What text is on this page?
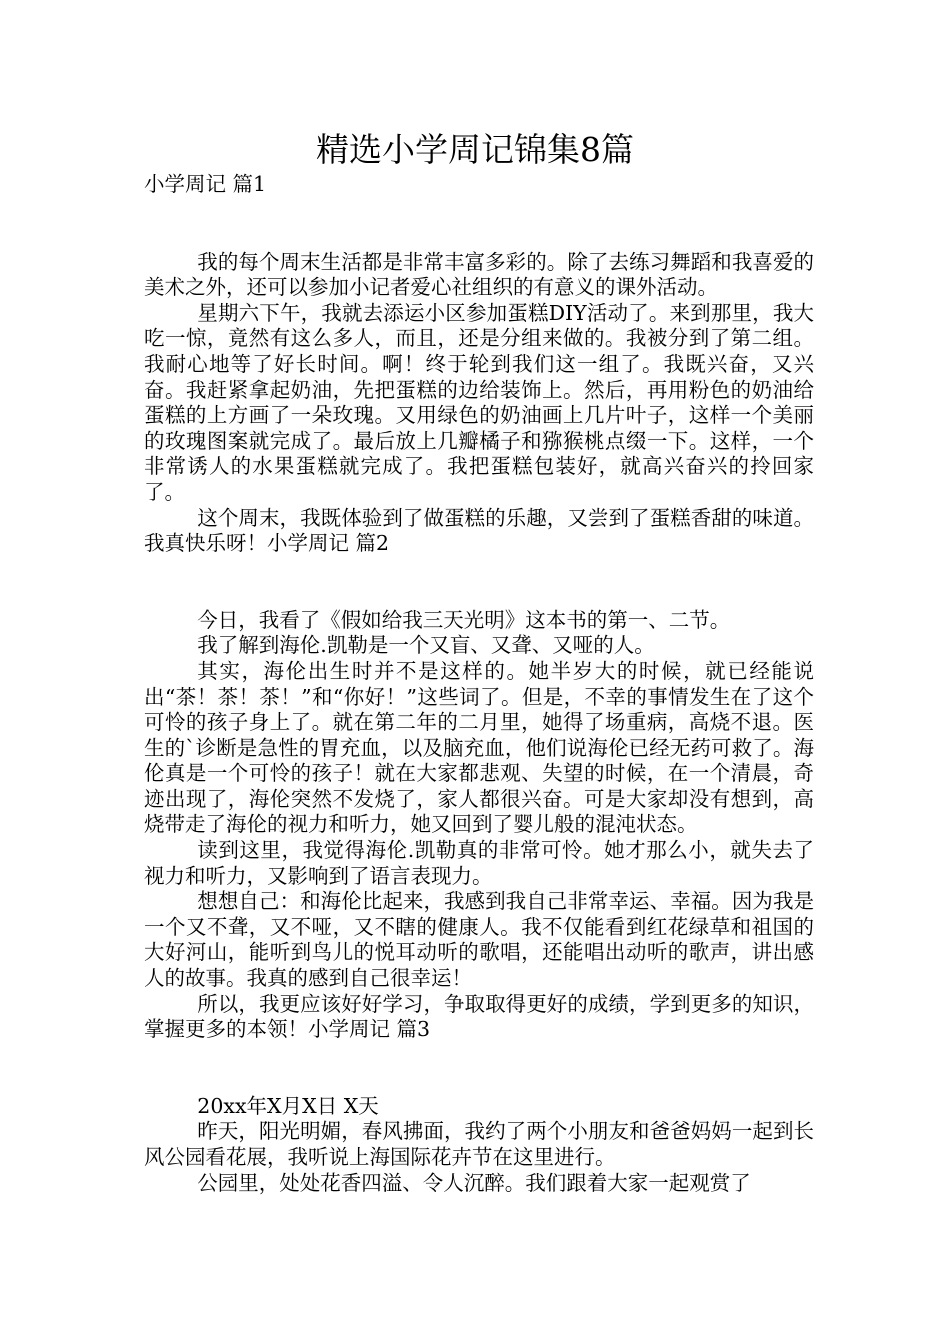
精选小学周记锦集8篇

小学周记 篇1

我的每个周末生活都是非常丰富多彩的。除了去练习舞蹈和我喜爱的美术之外，还可以参加小记者爱心社组织的有意义的课外活动。

星期六下午，我就去添运小区参加蛋糕DIY活动了。来到那里，我大吃一惊，竟然有这么多人，而且，还是分组来做的。我被分到了第二组。我耐心地等了好长时间。啊！终于轮到我们这一组了。我既兴奋，又兴奋。我赶紧拿起奶油，先把蛋糕的边给装饰上。然后，再用粉色的奶油给蛋糕的上方画了一朵玫瑰。又用绿色的奶油画上几片叶子，这样一个美丽的玫瑰图案就完成了。最后放上几瓣橘子和猕猴桃点缀一下。这样，一个非常诱人的水果蛋糕就完成了。我把蛋糕包装好，就高兴奋兴的拎回家了。

这个周末，我既体验到了做蛋糕的乐趣，又尝到了蛋糕香甜的味道。我真快乐呀！小学周记 篇2

今日，我看了《假如给我三天光明》这本书的第一、二节。

我了解到海伦.凯勒是一个又盲、又聋、又哑的人。

其实，海伦出生时并不是这样的。她半岁大的时候，就已经能说出“茶！茶！茶！”和“你好！”这些词了。但是，不幸的事情发生在了这个可怜的孩子身上了。就在第二年的二月里，她得了场重病，高烧不退。医生的`诊断是急性的胃充血，以及脑充血，他们说海伦已经无药可救了。海伦真是一个可怜的孩子！就在大家都悲观、失望的时候，在一个清晨，奇迹出现了，海伦突然不发烧了，家人都很兴奋。可是大家却没有想到，高烧带走了海伦的视力和听力，她又回到了婴儿般的混沌状态。

读到这里，我觉得海伦.凯勒真的非常可怜。她才那么小，就失去了视力和听力，又影响到了语言表现力。

想想自己：和海伦比起来，我感到我自己非常幸运、幸福。因为我是一个又不聋，又不哑，又不瞎的健康人。我不仅能看到红花绿草和祖国的大好河山，能听到鸟儿的悦耳动听的歌唱，还能唱出动听的歌声，讲出感人的故事。我真的感到自己很幸运！

所以，我更应该好好学习，争取取得更好的成绩，学到更多的知识，掌握更多的本领！小学周记 篇3

20xx年X月X日 X天

昨天，阳光明媚，春风拂面，我约了两个小朋友和爸爸妈妈一起到长风公园看花展，我听说上海国际花卉节在这里进行。

公园里，处处花香四溢、令人沉醉。我们跟着大家一起观赏了
